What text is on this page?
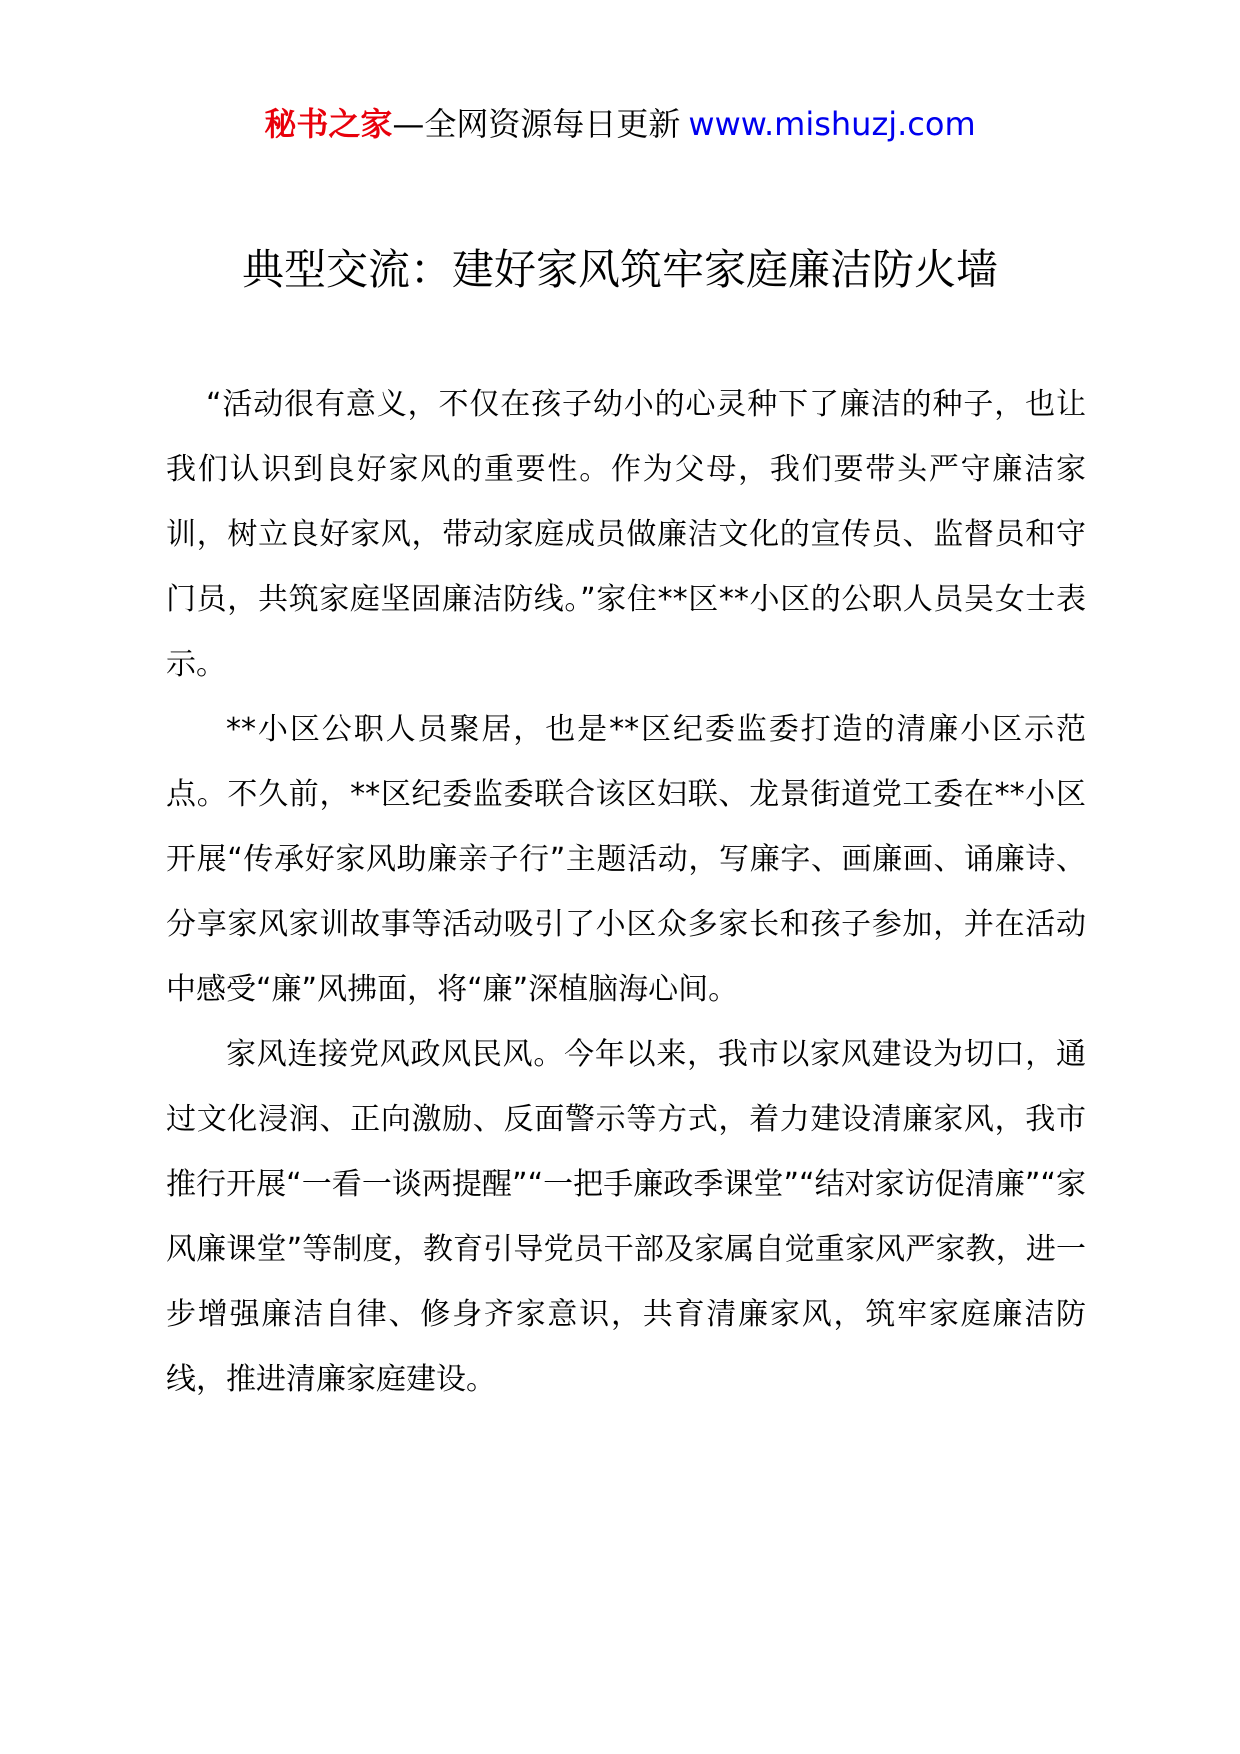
秘书之家—全网资源每日更新 www.mishuzj.com
典型交流：建好家风筑牢家庭廉洁防火墙

“活动很有意义，不仅在孩子幼小的心灵种下了廉洁的种子，也让我们认识到良好家风的重要性。作为父母，我们要带头严守廉洁家训，树立良好家风，带动家庭成员做廉洁文化的宣传员、监督员和守门员，共筑家庭坚固廉洁防线。”家住**区**小区的公职人员吴女士表示。

**小区公职人员聚居，也是**区纪委监委打造的清廉小区示范点。不久前，**区纪委监委联合该区妇联、龙景街道党工委在**小区开展“传承好家风助廉亲子行”主题活动，写廉字、画廉画、诵廉诗、分享家风家训故事等活动吸引了小区众多家长和孩子参加，并在活动中感受“廉”风拂面，将“廉”深植脑海心间。

家风连接党风政风民风。今年以来，我市以家风建设为切口，通过文化浸润、正向激励、反面警示等方式，着力建设清廉家风，我市推行开展“一看一谈两提醒”“一把手廉政季课堂”“结对家访促清廉”“家风廉课堂”等制度，教育引导党员干部及家属自觉重家风严家教，进一步增强廉洁自律、修身齐家意识，共育清廉家风，筑牢家庭廉洁防线，推进清廉家庭建设。
